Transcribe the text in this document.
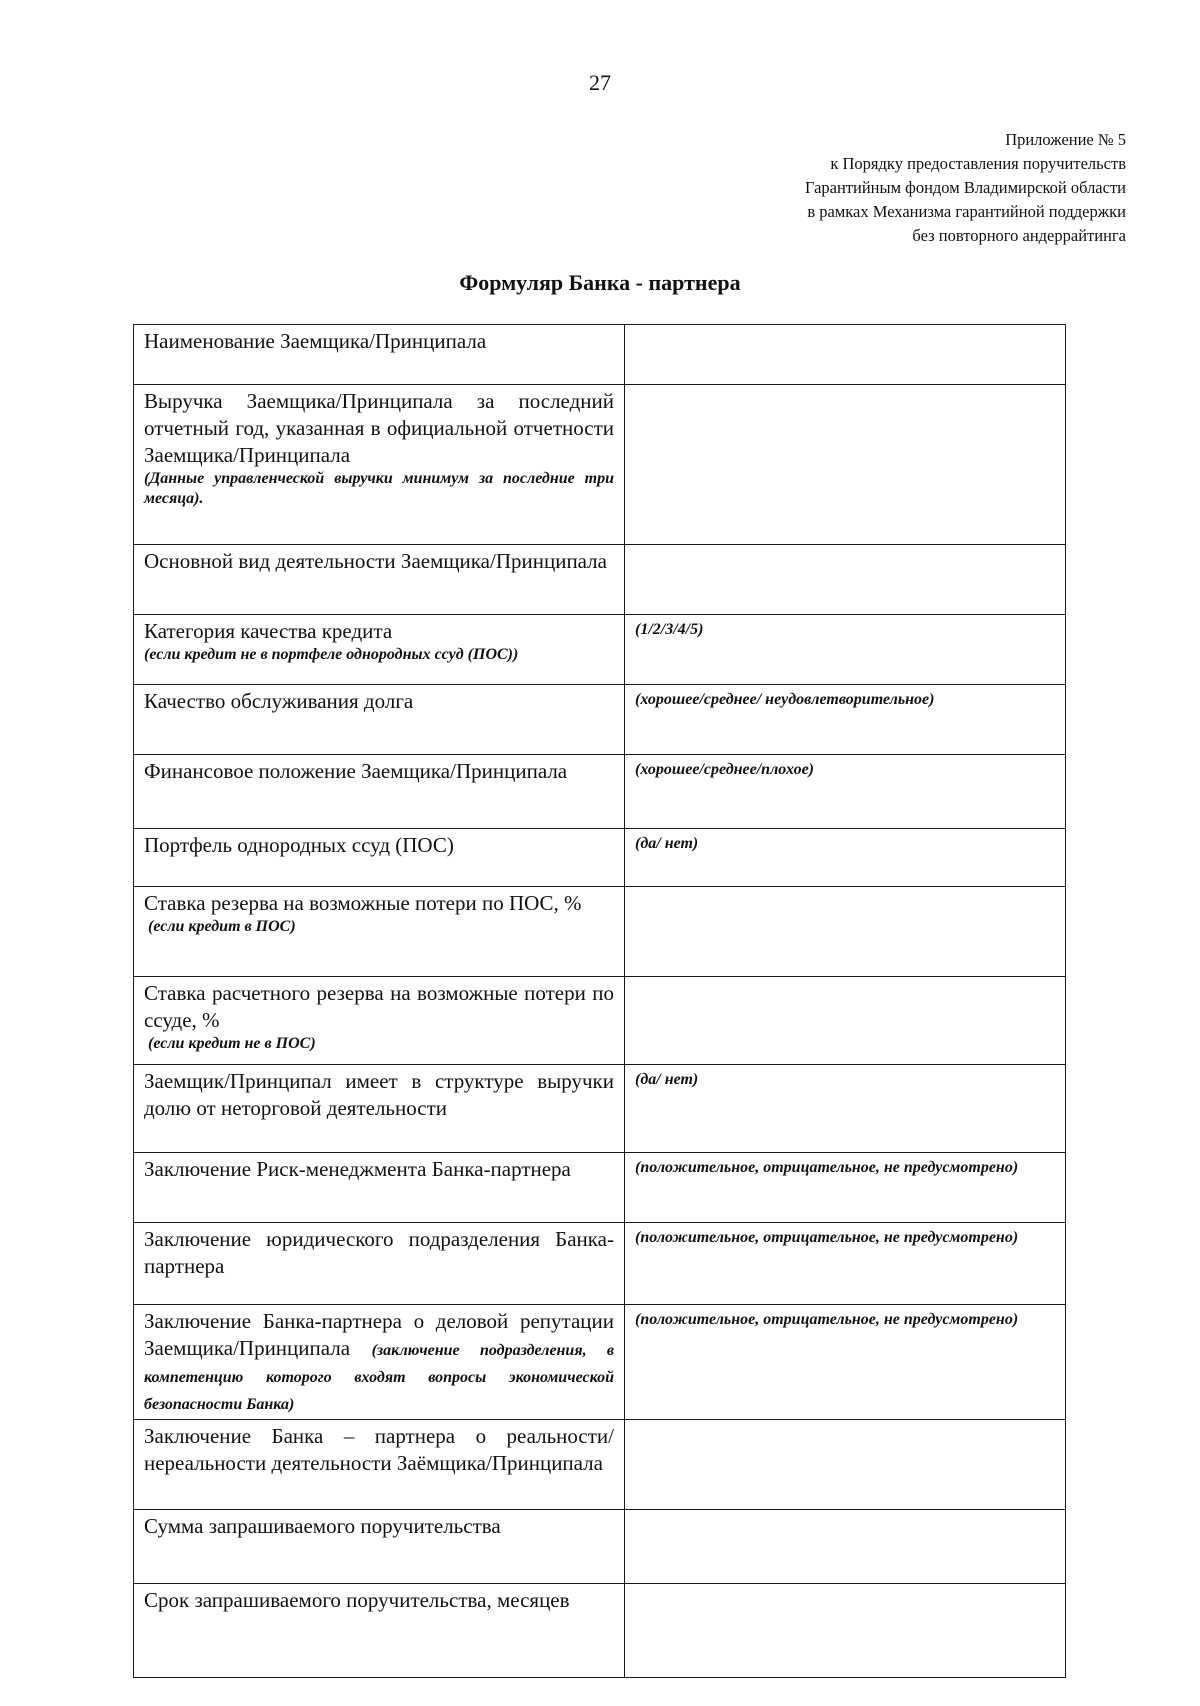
27
Приложение № 5
к Порядку предоставления поручительств
Гарантийным фондом Владимирской области
в рамках Механизма гарантийной поддержки
без повторного андеррайтинга
Формуляр Банка - партнера
Наименование Заемщика/Принципала	
Выручка Заемщика/Принципала за последний отчетный год, указанная в официальной отчетности Заемщика/Принципала
(Данные управленческой выручки минимум за последние три месяца).	

Основной вид деятельности Заемщика/Принципала	
Категория качества кредита
(если кредит не в портфеле однородных ссуд (ПОС))	(1/2/3/4/5)
Качество обслуживания долга	(хорошее/среднее/ неудовлетворительное)
Финансовое положение Заемщика/Принципала	(хорошее/среднее/плохое)
Портфель однородных ссуд (ПОС)	(да/ нет)
Ставка резерва на возможные потери по ПОС, %
(если кредит в ПОС)	

Ставка расчетного резерва на возможные потери по ссуде, %
(если кредит не в ПОС)	

Заемщик/Принципал имеет в структуре выручки долю от неторговой деятельности	(да/ нет)
Заключение Риск-менеджмента Банка-партнера	(положительное, отрицательное, не предусмотрено)
Заключение юридического подразделения Банка-партнера	(положительное, отрицательное, не предусмотрено)
Заключение Банка-партнера о деловой репутации Заемщика/Принципала (заключение подразделения, в компетенцию которого входят вопросы экономической безопасности Банка)	(положительное, отрицательное, не предусмотрено)
Заключение Банка – партнера о реальности/нереальности деятельности Заёмщика/Принципала	
Сумма запрашиваемого поручительства	
Срок запрашиваемого поручительства, месяцев	
